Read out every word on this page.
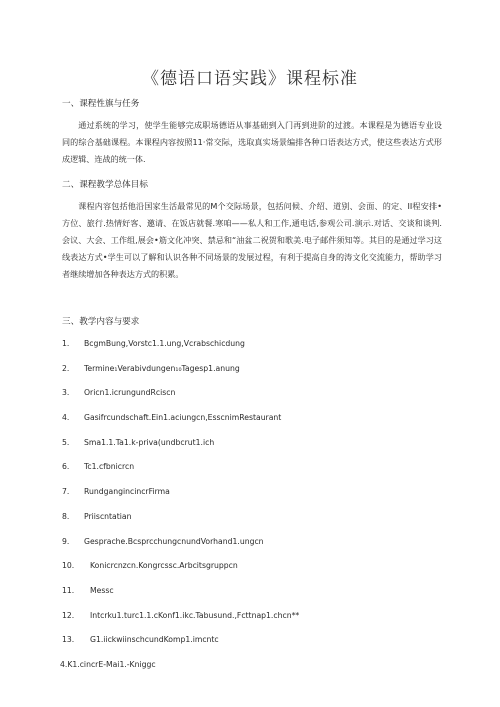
《德语口语实践》课程标准
一、课程性旗与任务

通过系统的学习，使学生能够完成职场德语从事基础到入门再到进阶的过渡。本课程是为德语专业设同的综合基础课程。本课程内容按照11·常交际，选取真实场景编排各种口语表达方式，使这些表达方式形成逻辑、连战的统一体.

二、课程教学总体目标

课程内容包括他沿国家生活最常见的M个交际场景，包括问候、介绍、道别、会面、的定、II程安排•方位、旅行.热情好客、邀请、在饭店就餐.寒咱——私人和工作,通电话,参观公司.演示.对话、交谈和谈判.会议、大会、工作组,展会•筋文化冲突、禁忌和“油盆二祝贺和歌美.电子邮件须知等。其目的是通过学习这线表达方式•学生可以了解和认识各种不同场景的发展过程，有利于提高自身的涛文化交流能力，帮助学习者继续增加各种表达方式的积累。

三、教学内容与要求
1. BcgmBung,Vorstc1.1.ung,Vcrabschicdung
2. Termine₁Verabivdungen₁₀Tagesp1.anung
3. Oricn1.icrungundRciscn
4. Gasifrcundschaft.Ein1.aciungcn,EsscnimRestaurant
5. Sma1.1.Ta1.k-priva(undbcrut1.ich
6. Tc1.cfbnicrcn
7. RundgangincincrFirma
8. Priiscntatian
9. Gesprache.BcsprcchungcnundVorhand1.ungcn
10. Konicrcnzcn.Kongrcssc.Arbcitsgruppcn
11. Messc
12. Intcrku1.turc1.1.cKonf1.ikc.Tabusund.,Fcttnap1.chcn**
13. G1.iickwiinschcundKomp1.imcntc
4.K1.cincrE-Mai1.-Kniggc
